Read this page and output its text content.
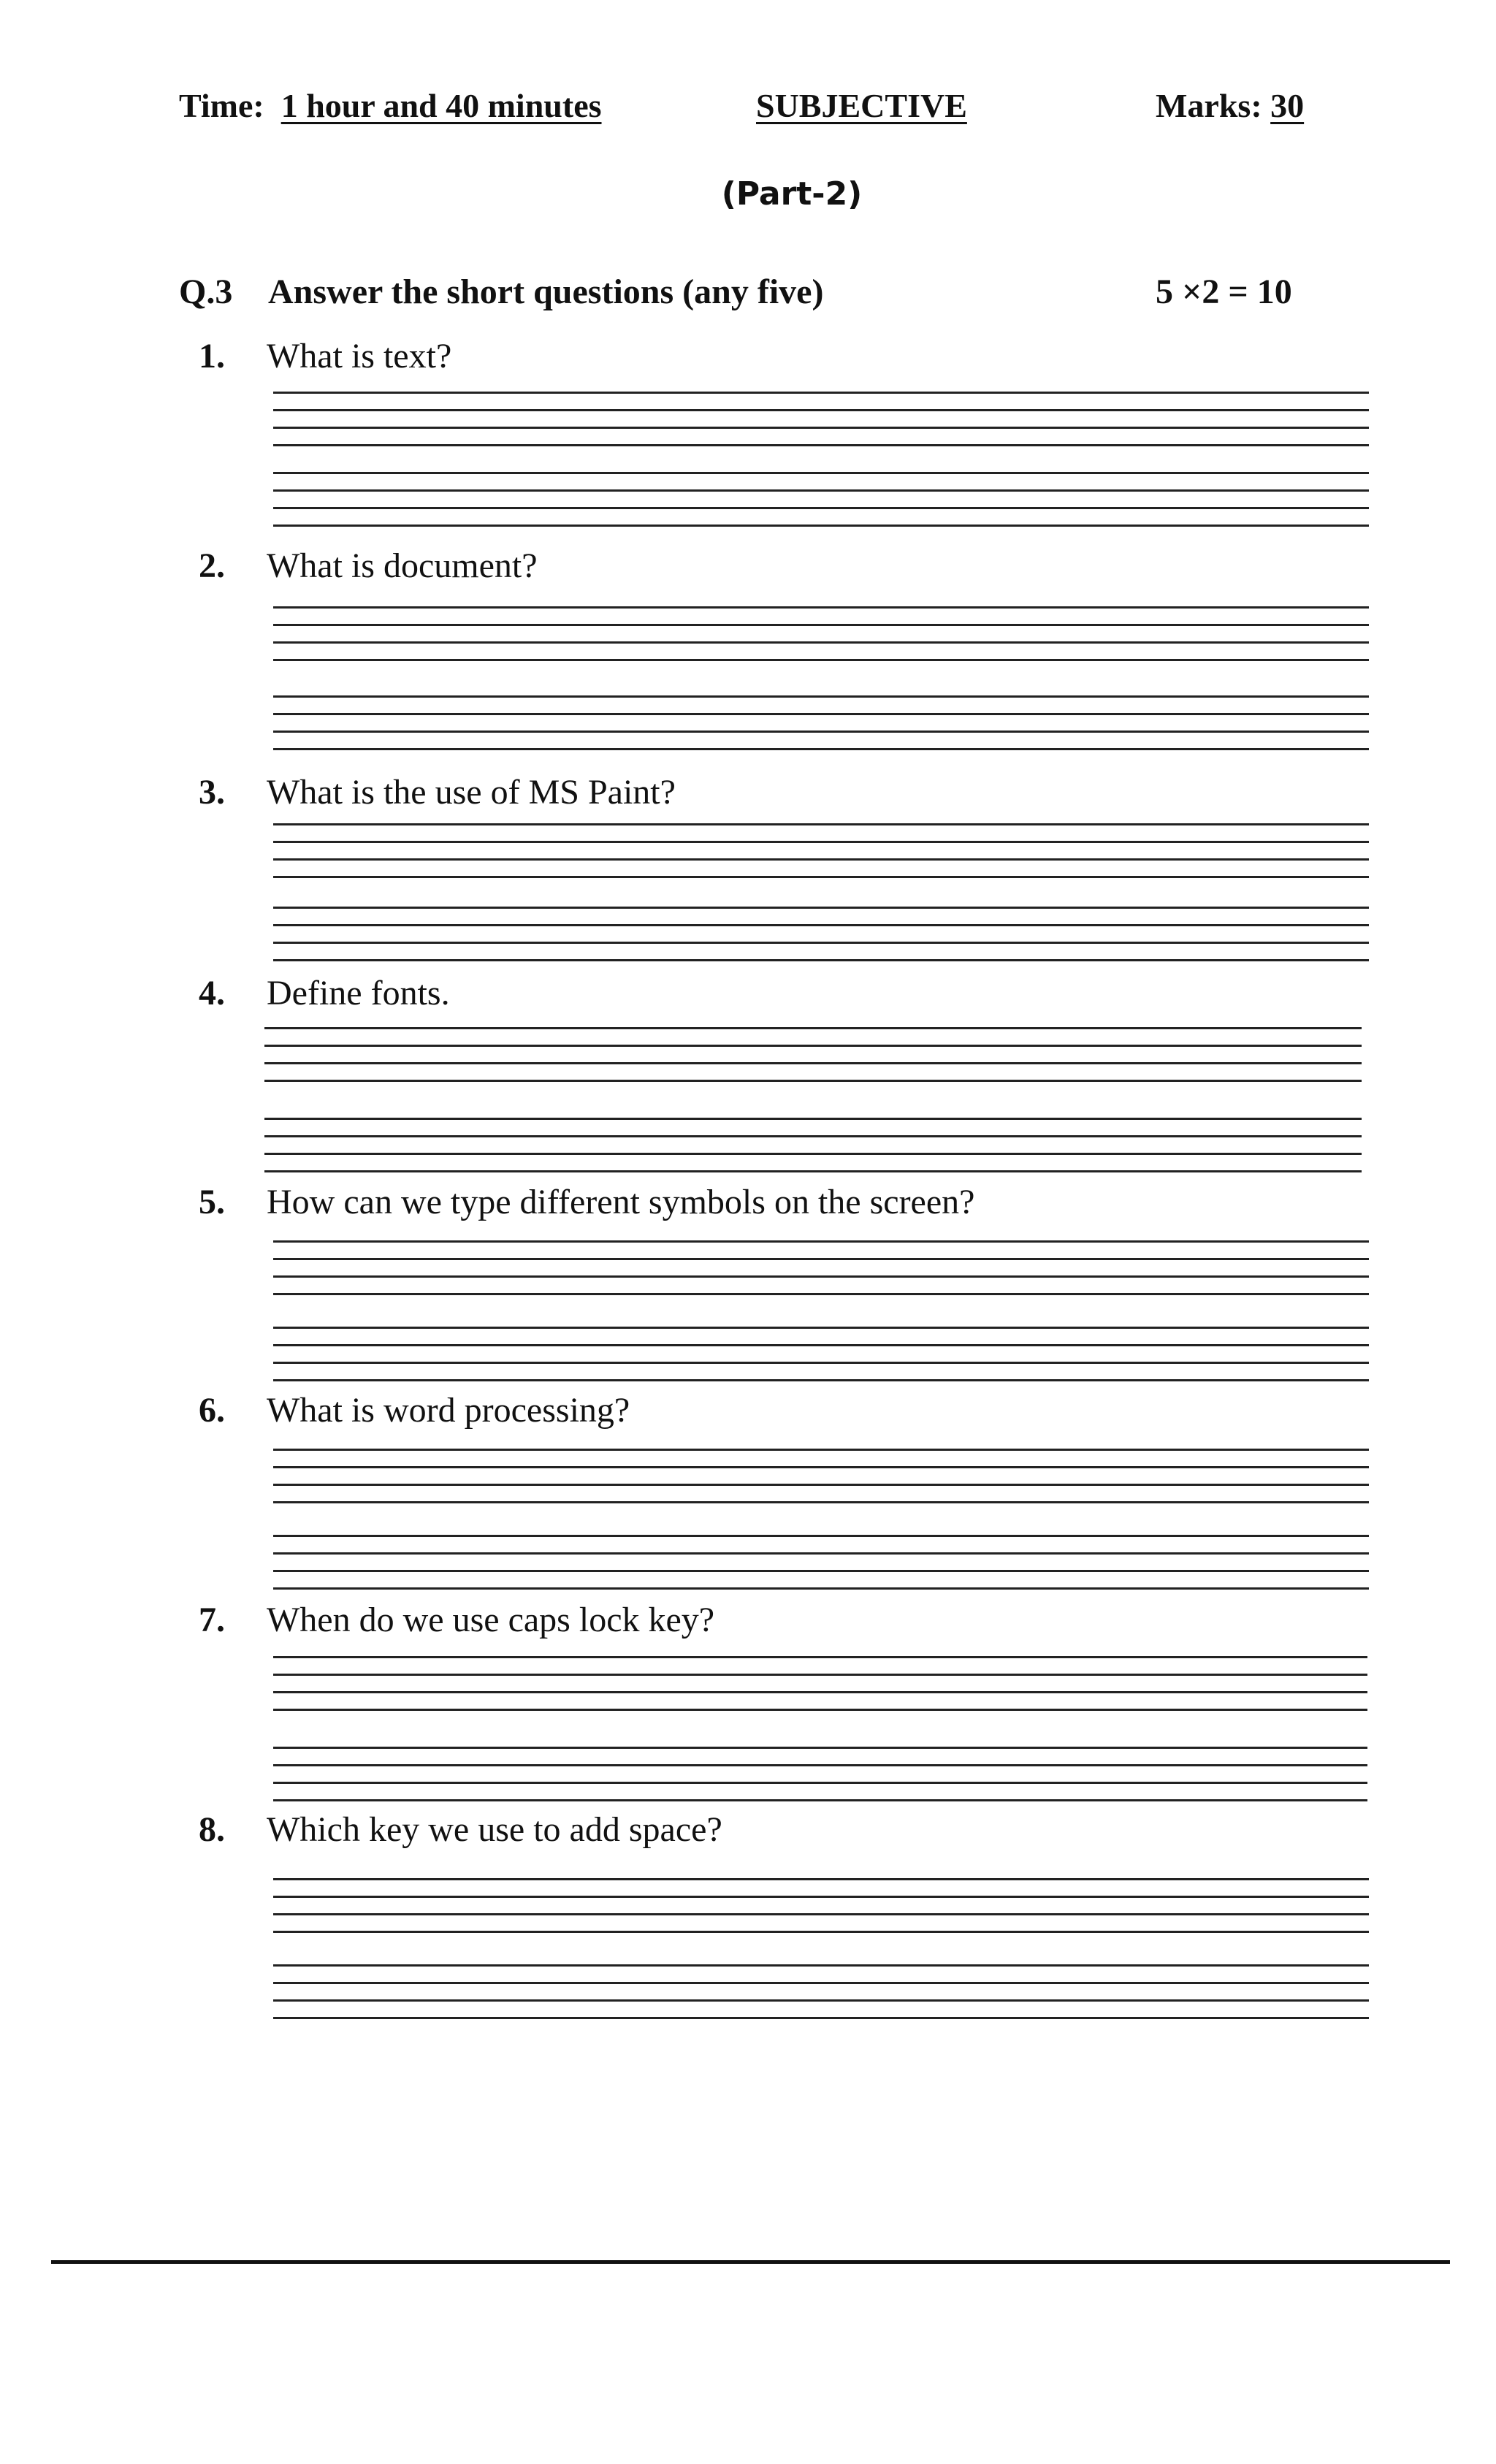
Time: 1 hour and 40 minutes	SUBJECTIVE	Marks: 30
(Part-2)
Q.3 Answer the short questions (any five)	5 ×2 = 10
1. What is text?
2. What is document?
3. What is the use of MS Paint?
4. Define fonts.
5. How can we type different symbols on the screen?
6. What is word processing?
7. When do we use caps lock key?
8. Which key we use to add space?
